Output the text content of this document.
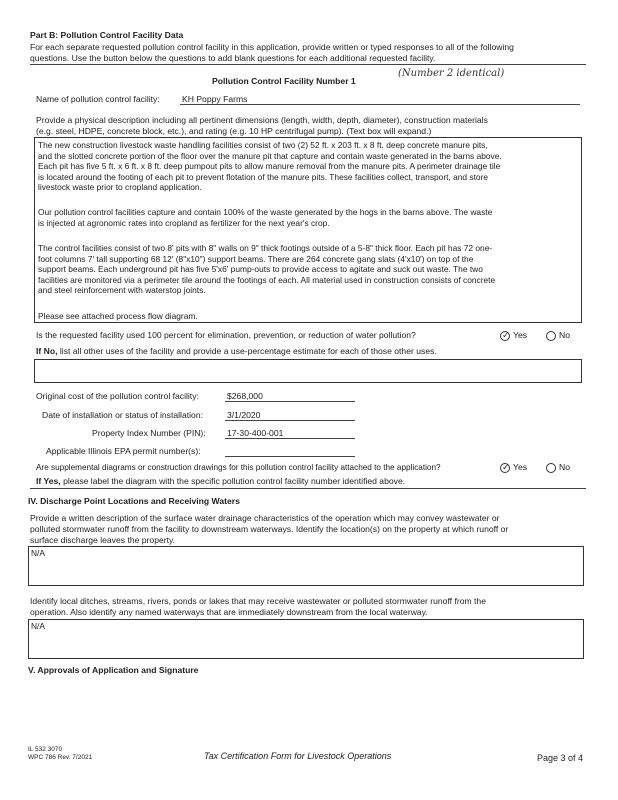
Part B: Pollution Control Facility Data
For each separate requested pollution control facility in this application, provide written or typed responses to all of the following
questions. Use the button below the questions to add blank questions for each additional requested facility.
Pollution Control Facility Number 1
(Number 2 identical)
Name of pollution control facility:	KH Poppy Farms
Provide a physical description including all pertinent dimensions (length, width, depth, diameter), construction materials
(e.g. steel, HDPE, concrete block, etc.), and rating (e.g. 10 HP centrifugal pump). (Text box will expand.)
The new construction livestock waste handling facilities consist of two (2) 52 ft. x 203 ft. x 8 ft. deep concrete manure pits,
and the slotted concrete portion of the floor over the manure pit that capture and contain waste generated in the barns above.
Each pit has five 5 ft. x 6 ft. x 8 ft. deep pumpout pits to allow manure removal from the manure pits. A perimeter drainage tile
is located around the footing of each pit to prevent flotation of the manure pits. These facilities collect, transport, and store
livestock waste prior to cropland application.
Our pollution control facilities capture and contain 100% of the waste generated by the hogs in the barns above. The waste
is injected at agronomic rates into cropland as fertilizer for the next year's crop.
The control facilities consist of two 8' pits with 8" walls on 9" thick footings outside of a 5-8" thick floor. Each pit has 72 one-
foot columns 7' tall supporting 68 12' (8"x10") support beams. There are 264 concrete gang slats (4'x10') on top of the
support beams. Each underground pit has five 5'x6' pump-outs to provide access to agitate and suck out waste. The two
facilities are monitored via a perimeter tile around the footings of each. All material used in construction consists of concrete
and steel reinforcement with waterstop joints.
Please see attached process flow diagram.
Is the requested facility used 100 percent for elimination, prevention, or reduction of water pollution?	✓ Yes	No
If No, list all other uses of the facility and provide a use-percentage estimate for each of those other uses.
Original cost of the pollution control facility:	$268,000
Date of installation or status of installation:	3/1/2020
Property Index Number (PIN): 17-30-400-001
Applicable Illinois EPA permit number(s):
Are supplemental diagrams or construction drawings for this pollution control facility attached to the application?	✓ Yes	No
If Yes, please label the diagram with the specific pollution control facility number identified above.
IV. Discharge Point Locations and Receiving Waters
Provide a written description of the surface water drainage characteristics of the operation which may convey wastewater or
polluted stormwater runoff from the facility to downstream waterways. Identify the location(s) on the property at which runoff or
surface discharge leaves the property.
N/A
Identify local ditches, streams, rivers, ponds or lakes that may receive wastewater or polluted stormwater runoff from the
operation. Also identify any named waterways that are immediately downstream from the local waterway.
N/A
V. Approvals of Application and Signature
IL 532 3070
WPC 786 Rev. 7/2021	Tax Certification Form for Livestock Operations	Page 3 of 4
